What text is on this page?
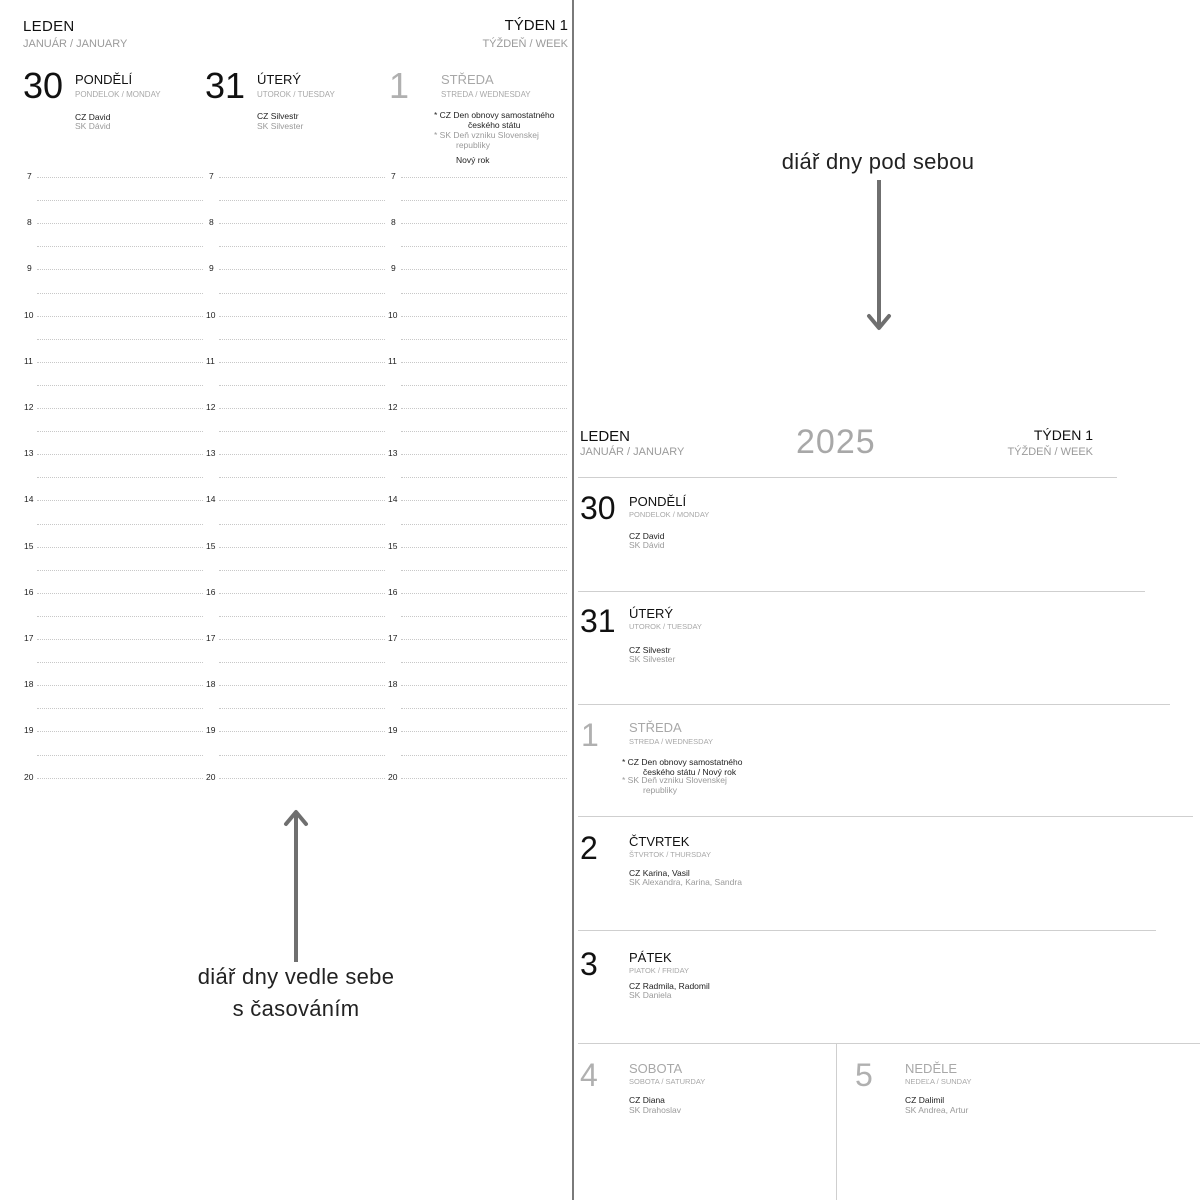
LEDEN
JANUÁR / JANUARY
TÝDEN 1
TÝŽDEŇ / WEEK
30 PONDĚLÍ
PONDELOK / MONDAY
CZ David
SK Dávid
31 ÚTERÝ
UTOROK / TUESDAY
CZ Silvestr
SK Silvester
1 STŘEDA
STREDA / WEDNESDAY
* CZ Den obnovy samostatného
českého státu
* SK Deň vzniku Slovenskej
republiky
Nový rok
7	7	7
8	8	8
9	9	9
10	10	10
11	11	11
12	12	12
13	13	13
14	14	14
15	15	15
16	16	16
17	17	17
18	18	18
19	19	19
20	20	20
diář dny vedle sebe
s časováním
diář dny pod sebou
LEDEN
JANUÁR / JANUARY	2025	TÝDEN 1
TÝŽDEŇ / WEEK
30 PONDĚLÍ
PONDELOK / MONDAY
CZ David
SK Dávid
31 ÚTERÝ
UTOROK / TUESDAY
CZ Silvestr
SK Silvester
1 STŘEDA
STREDA / WEDNESDAY
* CZ Den obnovy samostatného
českého státu / Nový rok
* SK Deň vzniku Slovenskej
republiky
2 ČTVRTEK
ŠTVRTOK / THURSDAY
CZ Karina, Vasil
SK Alexandra, Karina, Sandra
3 PÁTEK
PIATOK / FRIDAY
CZ Radmila, Radomil
SK Daniela
4 SOBOTA
SOBOTA / SATURDAY
CZ Diana
SK Drahoslav
5 NEDĚLE
NEDEĽA / SUNDAY
CZ Dalimil
SK Andrea, Artur
